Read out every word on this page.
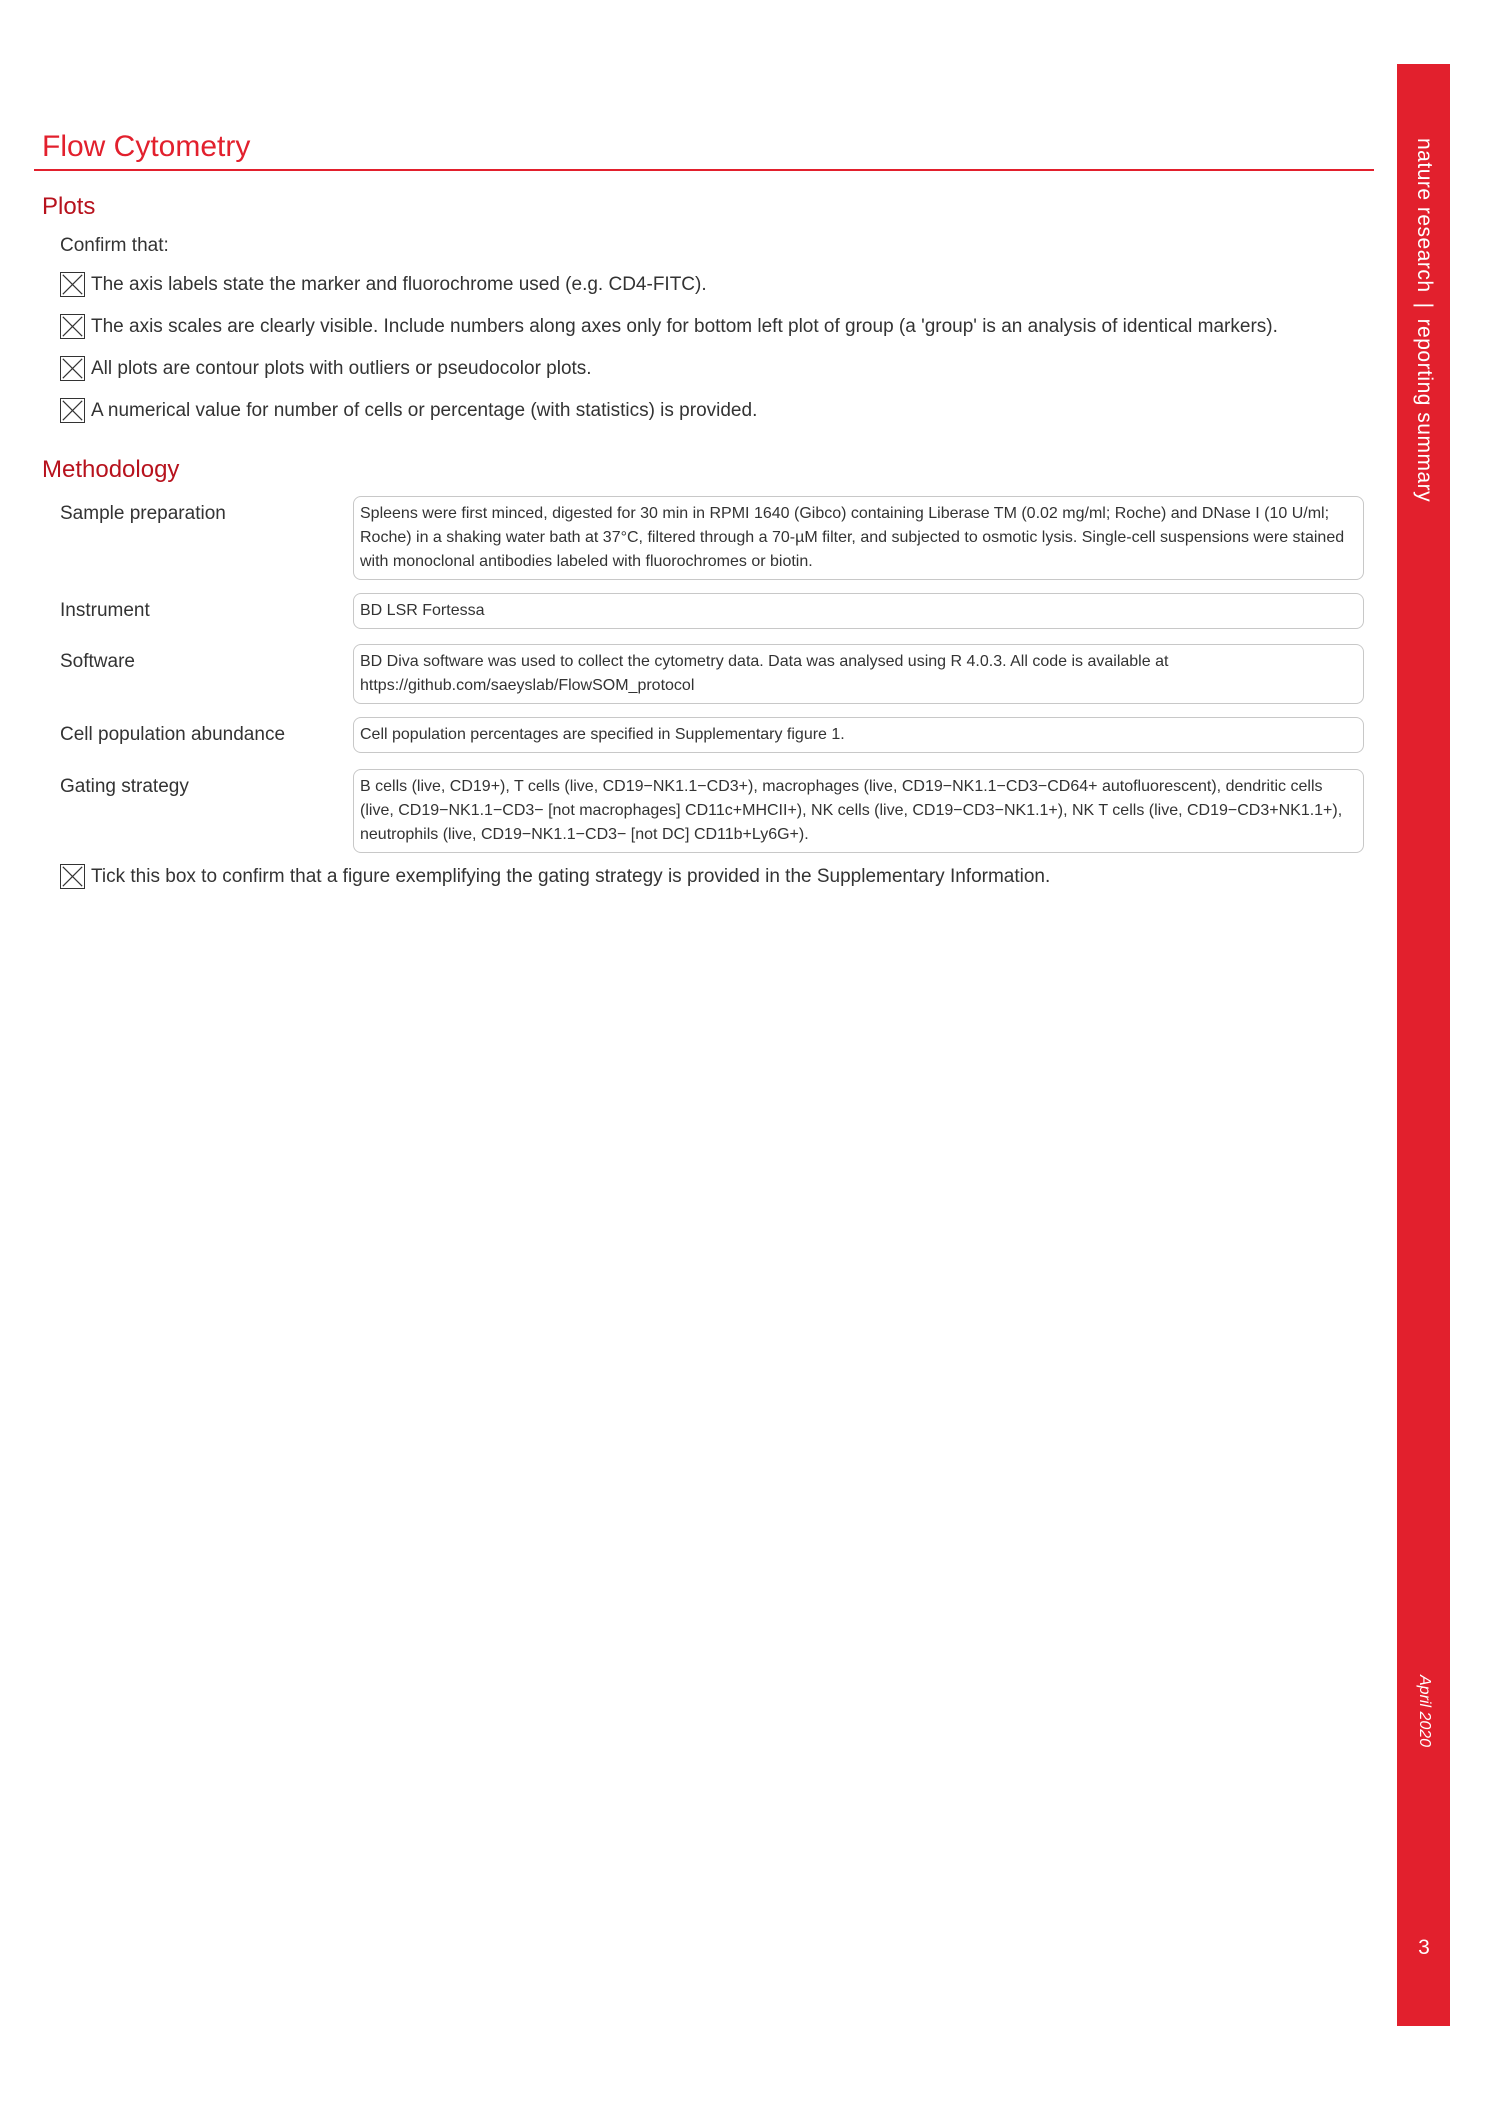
Flow Cytometry
Plots
Confirm that:
The axis labels state the marker and fluorochrome used (e.g. CD4-FITC).
The axis scales are clearly visible. Include numbers along axes only for bottom left plot of group (a 'group' is an analysis of identical markers).
All plots are contour plots with outliers or pseudocolor plots.
A numerical value for number of cells or percentage (with statistics) is provided.
Methodology
Sample preparation	Spleens were first minced, digested for 30 min in RPMI 1640 (Gibco) containing Liberase TM (0.02 mg/ml; Roche) and DNase I (10 U/ml; Roche) in a shaking water bath at 37°C, filtered through a 70-µM filter, and subjected to osmotic lysis. Single-cell suspensions were stained with monoclonal antibodies labeled with fluorochromes or biotin.
Instrument	BD LSR Fortessa
Software	BD Diva software was used to collect the cytometry data. Data was analysed using R 4.0.3. All code is available at https://github.com/saeyslab/FlowSOM_protocol
Cell population abundance	Cell population percentages are specified in Supplementary figure 1.
Gating strategy	B cells (live, CD19+), T cells (live, CD19−NK1.1−CD3+), macrophages (live, CD19−NK1.1−CD3−CD64+ autofluorescent), dendritic cells (live, CD19−NK1.1−CD3− [not macrophages] CD11c+MHCII+), NK cells (live, CD19−CD3−NK1.1+), NK T cells (live, CD19−CD3+NK1.1+), neutrophils (live, CD19−NK1.1−CD3− [not DC] CD11b+Ly6G+).
Tick this box to confirm that a figure exemplifying the gating strategy is provided in the Supplementary Information.
nature research|reporting summary
April 2020
3
